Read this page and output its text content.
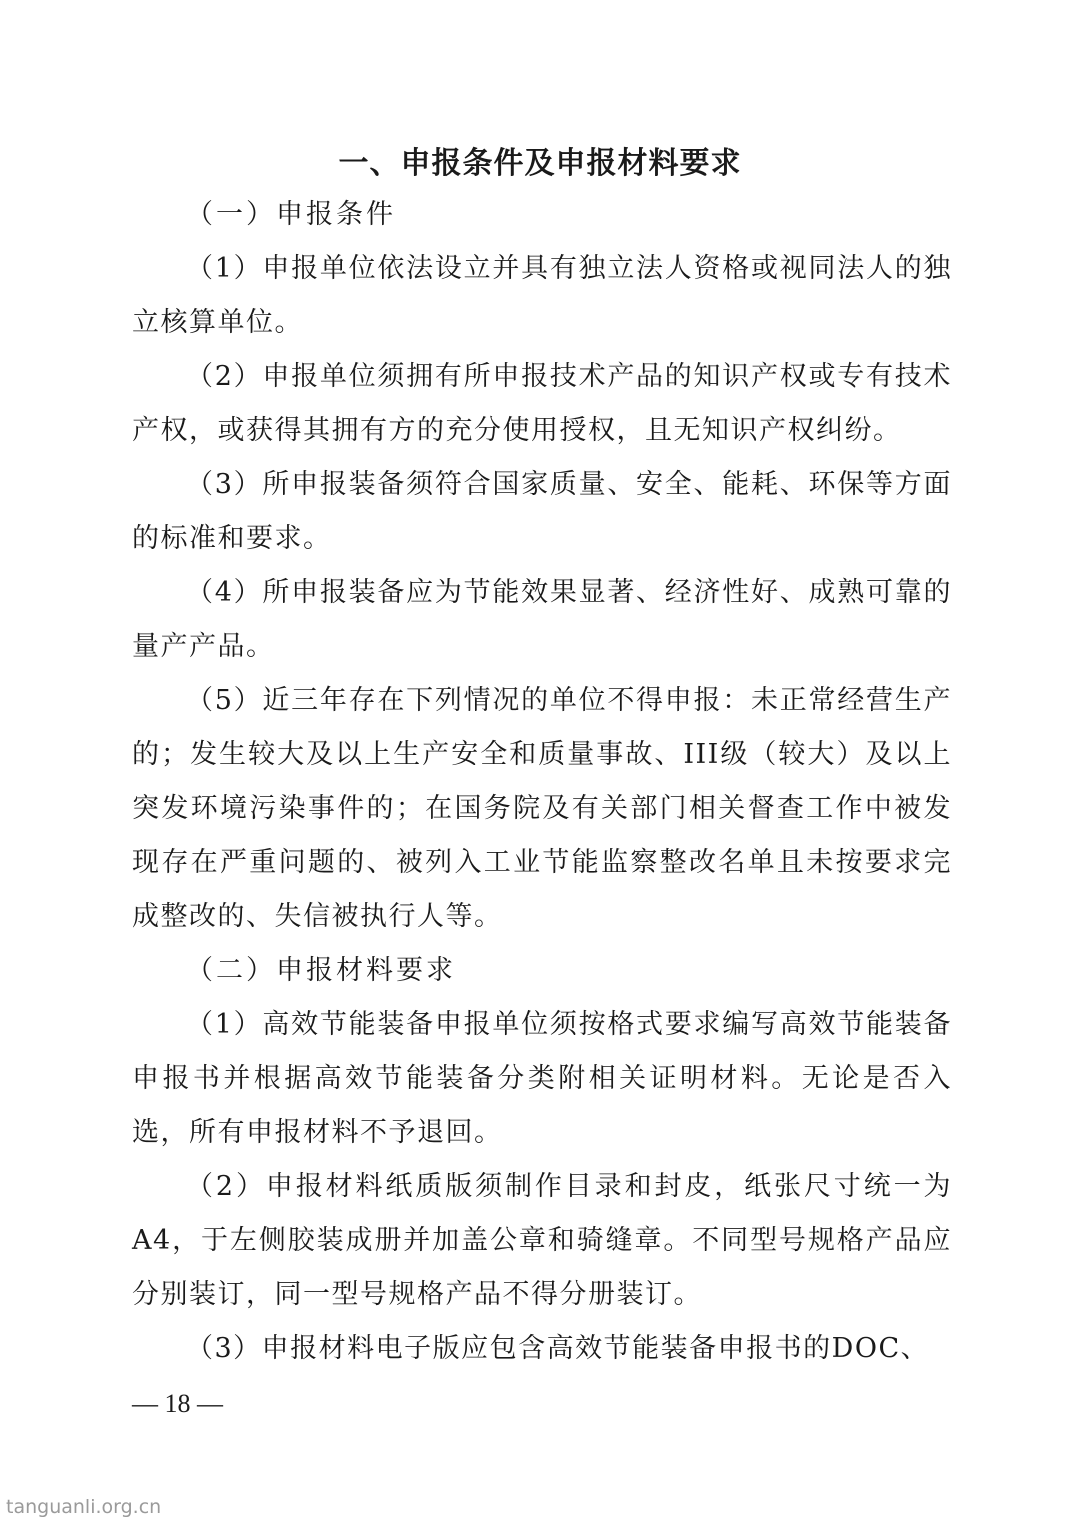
一、申报条件及申报材料要求

（一）申报条件

（1）申报单位依法设立并具有独立法人资格或视同法人的独立核算单位。

（2）申报单位须拥有所申报技术产品的知识产权或专有技术产权，或获得其拥有方的充分使用授权，且无知识产权纠纷。

（3）所申报装备须符合国家质量、安全、能耗、环保等方面的标准和要求。

（4）所申报装备应为节能效果显著、经济性好、成熟可靠的量产产品。

（5）近三年存在下列情况的单位不得申报：未正常经营生产的；发生较大及以上生产安全和质量事故、III级（较大）及以上突发环境污染事件的；在国务院及有关部门相关督查工作中被发现存在严重问题的、被列入工业节能监察整改名单且未按要求完成整改的、失信被执行人等。

（二）申报材料要求

（1）高效节能装备申报单位须按格式要求编写高效节能装备申报书并根据高效节能装备分类附相关证明材料。无论是否入选，所有申报材料不予退回。

（2）申报材料纸质版须制作目录和封皮，纸张尺寸统一为A4，于左侧胶装成册并加盖公章和骑缝章。不同型号规格产品应分别装订，同一型号规格产品不得分册装订。

（3）申报材料电子版应包含高效节能装备申报书的DOC、

— 18 —
tanguanli.org.cn
